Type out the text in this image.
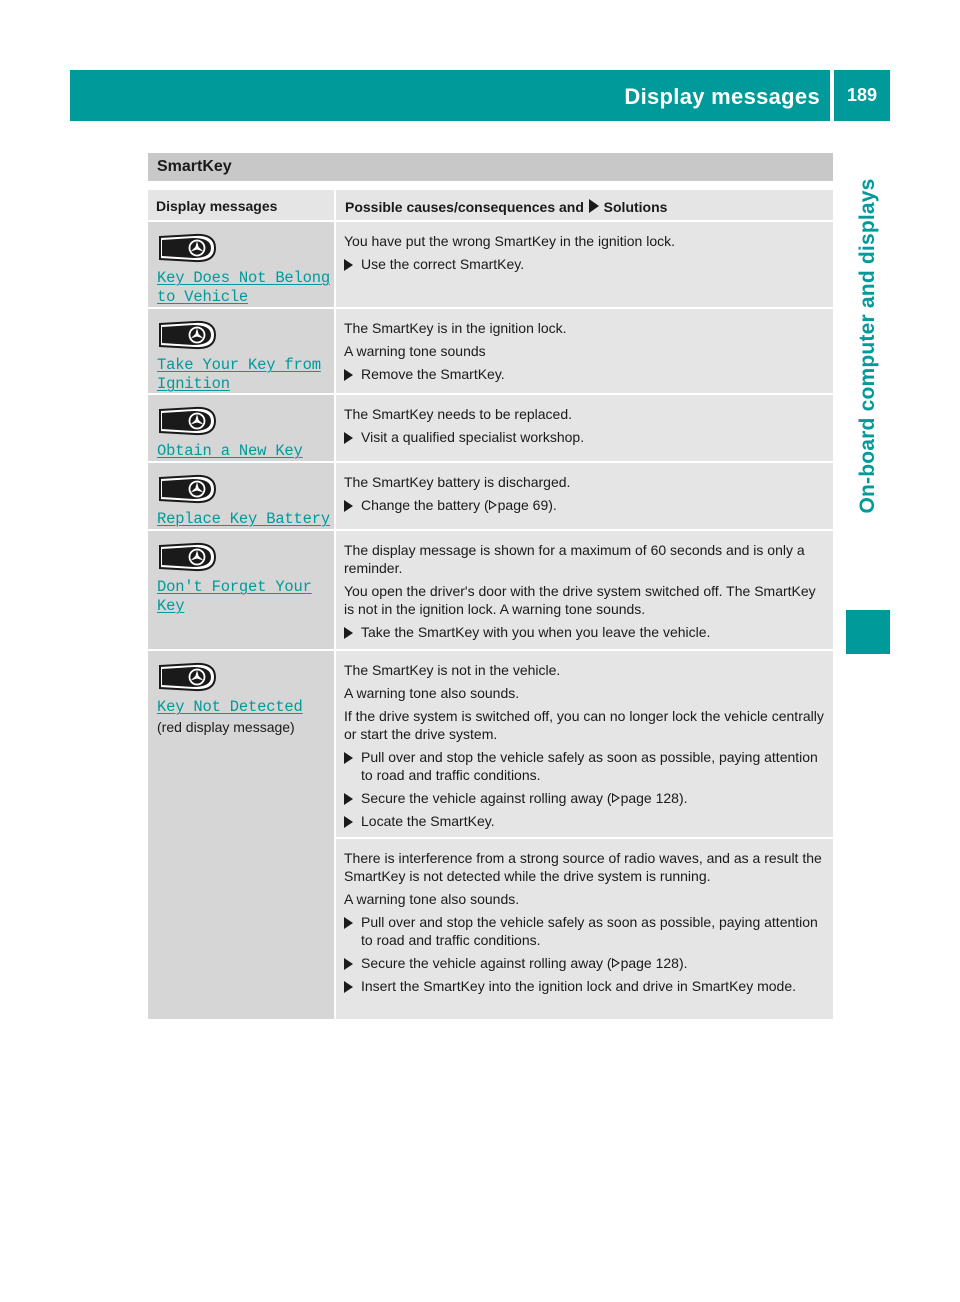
Display messages	189
On-board computer and displays
SmartKey
Display messages	Possible causes/consequences and Solutions
Key Does Not Belong
to Vehicle

You have put the wrong SmartKey in the ignition lock.

Use the correct SmartKey.
Take Your Key from
Ignition

The SmartKey is in the ignition lock.

A warning tone sounds

Remove the SmartKey.
Obtain a New Key

The SmartKey needs to be replaced.

Visit a qualified specialist workshop.
Replace Key Battery

The SmartKey battery is discharged.

Change the battery ( page 69).
Don't Forget Your
Key

The display message is shown for a maximum of 60 seconds and is only a reminder.

You open the driver's door with the drive system switched off. The SmartKey is not in the ignition lock. A warning tone sounds.

Take the SmartKey with you when you leave the vehicle.
Key Not Detected
(red display message)

The SmartKey is not in the vehicle.

A warning tone also sounds.

If the drive system is switched off, you can no longer lock the vehicle centrally or start the drive system.

Pull over and stop the vehicle safely as soon as possible, paying attention to road and traffic conditions.
Secure the vehicle against rolling away ( page 128).
Locate the SmartKey.

There is interference from a strong source of radio waves, and as a result the SmartKey is not detected while the drive system is running.

A warning tone also sounds.

Pull over and stop the vehicle safely as soon as possible, paying attention to road and traffic conditions.
Secure the vehicle against rolling away ( page 128).
Insert the SmartKey into the ignition lock and drive in SmartKey mode.
